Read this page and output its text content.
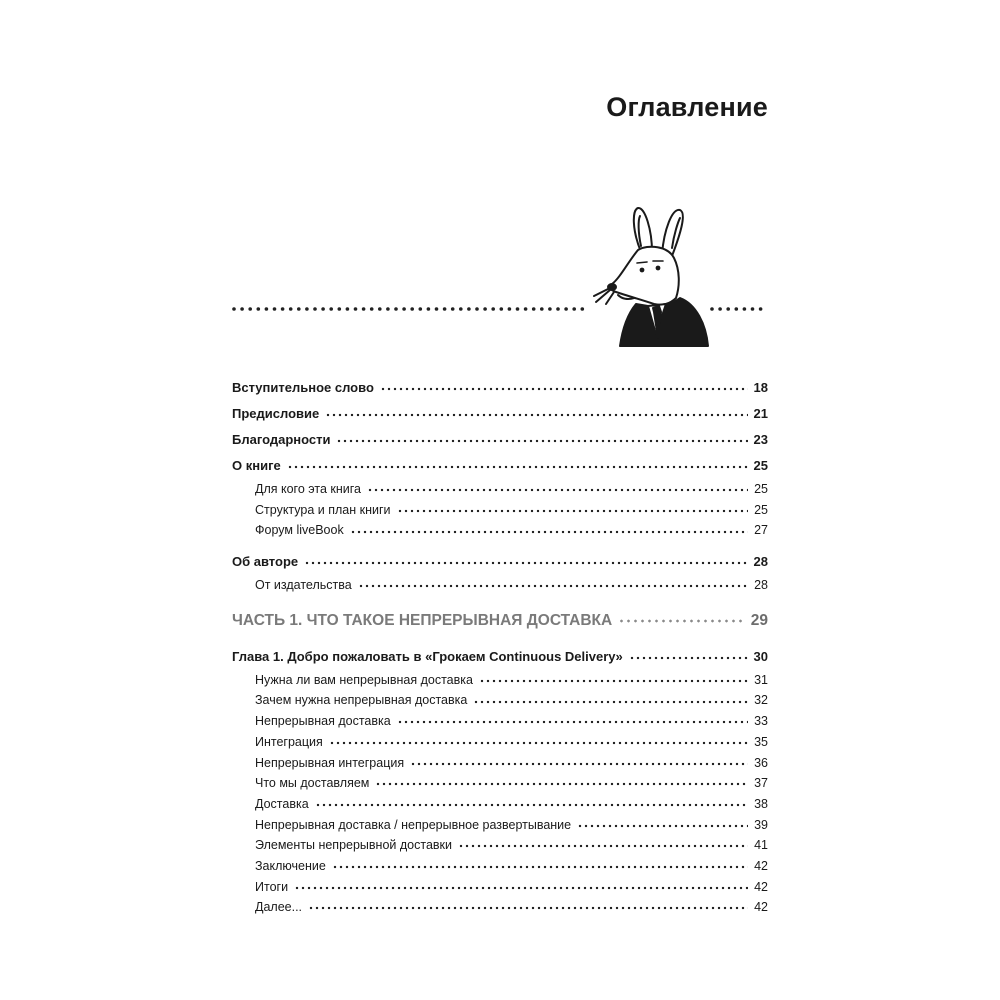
Оглавление
Вступительное слово	18
Предисловие	21
Благодарности	23
О книге	25
Для кого эта книга	25
Структура и план книги	25
Форум liveBook	27
Об авторе	28
От издательства	28
ЧАСТЬ 1. ЧТО ТАКОЕ НЕПРЕРЫВНАЯ ДОСТАВКА	29
Глава 1. Добро пожаловать в «Грокаем Continuous Delivery»	30
Нужна ли вам непрерывная доставка	31
Зачем нужна непрерывная доставка	32
Непрерывная доставка	33
Интеграция	35
Непрерывная интеграция	36
Что мы доставляем	37
Доставка	38
Непрерывная доставка / непрерывное развертывание	39
Элементы непрерывной доставки	41
Заключение	42
Итоги	42
Далее...	42
